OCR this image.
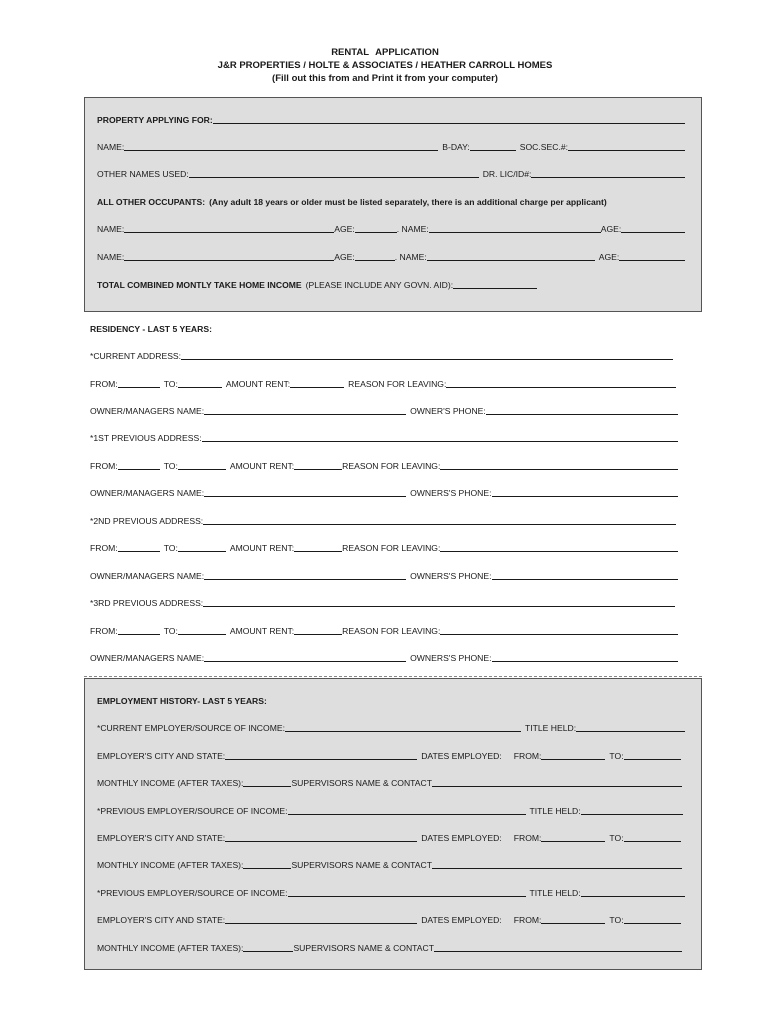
RENTAL APPLICATION
J&R PROPERTIES / HOLTE & ASSOCIATES / HEATHER CARROLL HOMES
(Fill out this from and Print it from your computer)
PROPERTY APPLYING FOR:
NAME:	B-DAY:	SOC.SEC.#:
OTHER NAMES USED:	DR. LIC/ID#:
ALL OTHER OCCUPANTS: (Any adult 18 years or older must be listed separately, there is an additional charge per applicant)
NAME:	AGE:	. NAME:	AGE:
NAME:	AGE:	. NAME:	AGE:
TOTAL COMBINED MONTLY TAKE HOME INCOME (PLEASE INCLUDE ANY GOVN. AID):
RESIDENCY - LAST 5 YEARS:
*CURRENT ADDRESS:
FROM:	TO:	AMOUNT RENT:	REASON FOR LEAVING:
OWNER/MANAGERS NAME:	OWNER'S PHONE:
*1ST PREVIOUS ADDRESS:
FROM:	TO:	AMOUNT RENT:	REASON FOR LEAVING:
OWNER/MANAGERS NAME:	OWNERS'S PHONE:
*2ND PREVIOUS ADDRESS:
FROM:	TO:	AMOUNT RENT:	REASON FOR LEAVING:
OWNER/MANAGERS NAME:	OWNERS'S PHONE:
*3RD PREVIOUS ADDRESS:
FROM:	TO:	AMOUNT RENT:	REASON FOR LEAVING:
OWNER/MANAGERS NAME:	OWNERS'S PHONE:
EMPLOYMENT HISTORY- LAST 5 YEARS:
*CURRENT EMPLOYER/SOURCE OF INCOME:	TITLE HELD:
EMPLOYER'S CITY AND STATE:	DATES EMPLOYED: FROM:	TO:
MONTHLY INCOME (AFTER TAXES):	SUPERVISORS NAME & CONTACT
*PREVIOUS EMPLOYER/SOURCE OF INCOME:	TITLE HELD:
EMPLOYER'S CITY AND STATE:	DATES EMPLOYED: FROM:	TO:
MONTHLY INCOME (AFTER TAXES):	SUPERVISORS NAME & CONTACT
*PREVIOUS EMPLOYER/SOURCE OF INCOME:	TITLE HELD:
EMPLOYER'S CITY AND STATE:	DATES EMPLOYED: FROM:	TO:
MONTHLY INCOME (AFTER TAXES):	SUPERVISORS NAME & CONTACT
